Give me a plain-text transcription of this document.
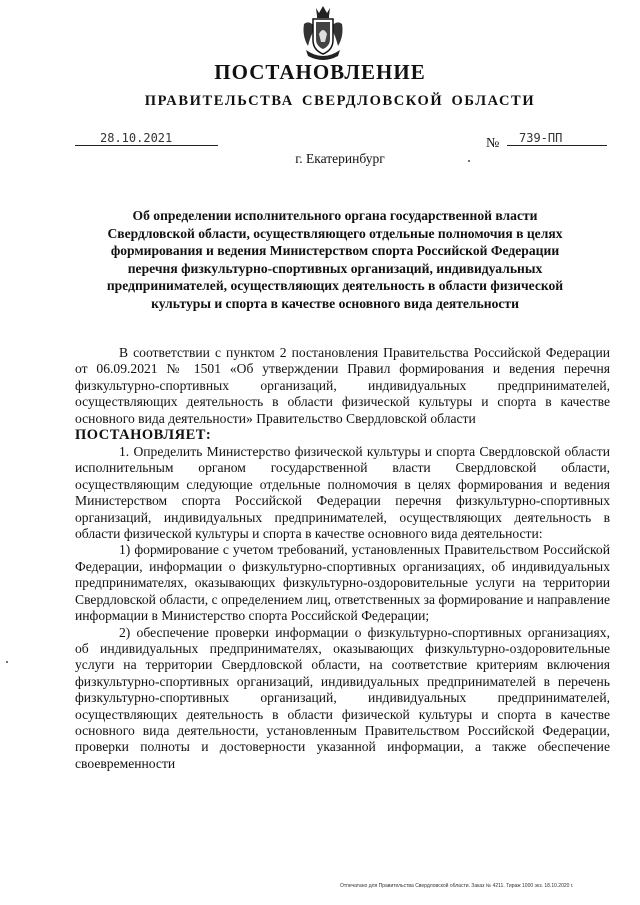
ПОСТАНОВЛЕНИЕ
ПРАВИТЕЛЬСТВА СВЕРДЛОВСКОЙ ОБЛАСТИ
28.10.2021	№	739-ПП
г. Екатеринбург
Об определении исполнительного органа государственной власти Свердловской области, осуществляющего отдельные полномочия в целях формирования и ведения Министерством спорта Российской Федерации перечня физкультурно-спортивных организаций, индивидуальных предпринимателей, осуществляющих деятельность в области физической культуры и спорта в качестве основного вида деятельности

В соответствии с пунктом 2 постановления Правительства Российской Федерации от 06.09.2021 № 1501 «Об утверждении Правил формирования и ведения перечня физкультурно-спортивных организаций, индивидуальных предпринимателей, осуществляющих деятельность в области физической культуры и спорта в качестве основного вида деятельности» Правительство Свердловской области

ПОСТАНОВЛЯЕТ:

1. Определить Министерство физической культуры и спорта Свердловской области исполнительным органом государственной власти Свердловской области, осуществляющим следующие отдельные полномочия в целях формирования и ведения Министерством спорта Российской Федерации перечня физкультурно-спортивных организаций, индивидуальных предпринимателей, осуществляющих деятельность в области физической культуры и спорта в качестве основного вида деятельности:

1) формирование с учетом требований, установленных Правительством Российской Федерации, информации о физкультурно-спортивных организациях, об индивидуальных предпринимателях, оказывающих физкультурно-оздоровительные услуги на территории Свердловской области, с определением лиц, ответственных за формирование и направление информации в Министерство спорта Российской Федерации;

2) обеспечение проверки информации о физкультурно-спортивных организациях, об индивидуальных предпринимателях, оказывающих физкультурно-оздоровительные услуги на территории Свердловской области, на соответствие критериям включения физкультурно-спортивных организаций, индивидуальных предпринимателей в перечень физкультурно-спортивных организаций, индивидуальных предпринимателей, осуществляющих деятельность в области физической культуры и спорта в качестве основного вида деятельности, установленным Правительством Российской Федерации, проверки полноты и достоверности указанной информации, а также обеспечение своевременности

Отпечатано для Правительства Свердловской области. Заказ № 4211. Тираж 1000 экз. 18.10.2020 г.
